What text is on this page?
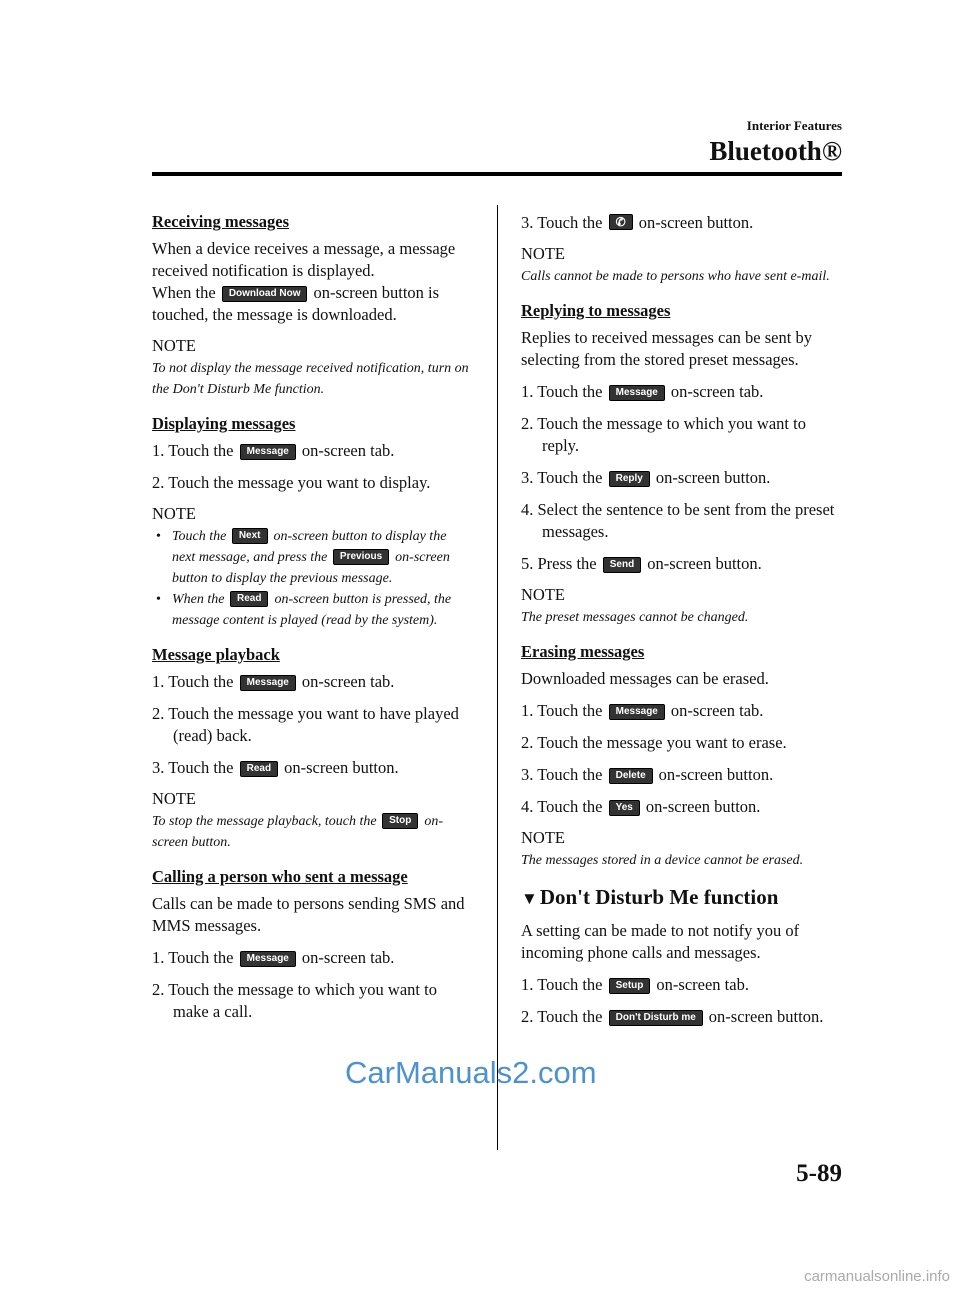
Interior Features
Bluetooth®
Receiving messages

When a device receives a message, a message received notification is displayed.
When the Download Now on-screen button is touched, the message is downloaded.

NOTE
To not display the message received notification, turn on the Don't Disturb Me function.
Displaying messages

1. Touch the Message on-screen tab.

2. Touch the message you want to display.

NOTE
• Touch the Next on-screen button to display the next message, and press the Previous on-screen button to display the previous message.
• When the Read on-screen button is pressed, the message content is played (read by the system).
Message playback

1. Touch the Message on-screen tab.

2. Touch the message you want to have played (read) back.

3. Touch the Read on-screen button.

NOTE
To stop the message playback, touch the Stop on-screen button.
Calling a person who sent a message

Calls can be made to persons sending SMS and MMS messages.

1. Touch the Message on-screen tab.

2. Touch the message to which you want to make a call.

3. Touch the ✆ on-screen button.

NOTE
Calls cannot be made to persons who have sent e-mail.
Replying to messages

Replies to received messages can be sent by selecting from the stored preset messages.

1. Touch the Message on-screen tab.

2. Touch the message to which you want to reply.

3. Touch the Reply on-screen button.

4. Select the sentence to be sent from the preset messages.

5. Press the Send on-screen button.

NOTE
The preset messages cannot be changed.
Erasing messages

Downloaded messages can be erased.

1. Touch the Message on-screen tab.

2. Touch the message you want to erase.

3. Touch the Delete on-screen button.

4. Touch the Yes on-screen button.

NOTE
The messages stored in a device cannot be erased.
▼Don't Disturb Me function

A setting can be made to not notify you of incoming phone calls and messages.

1. Touch the Setup on-screen tab.

2. Touch the Don't Disturb me on-screen button.

5-89
CarManuals2.com
carmanualsonline.info
